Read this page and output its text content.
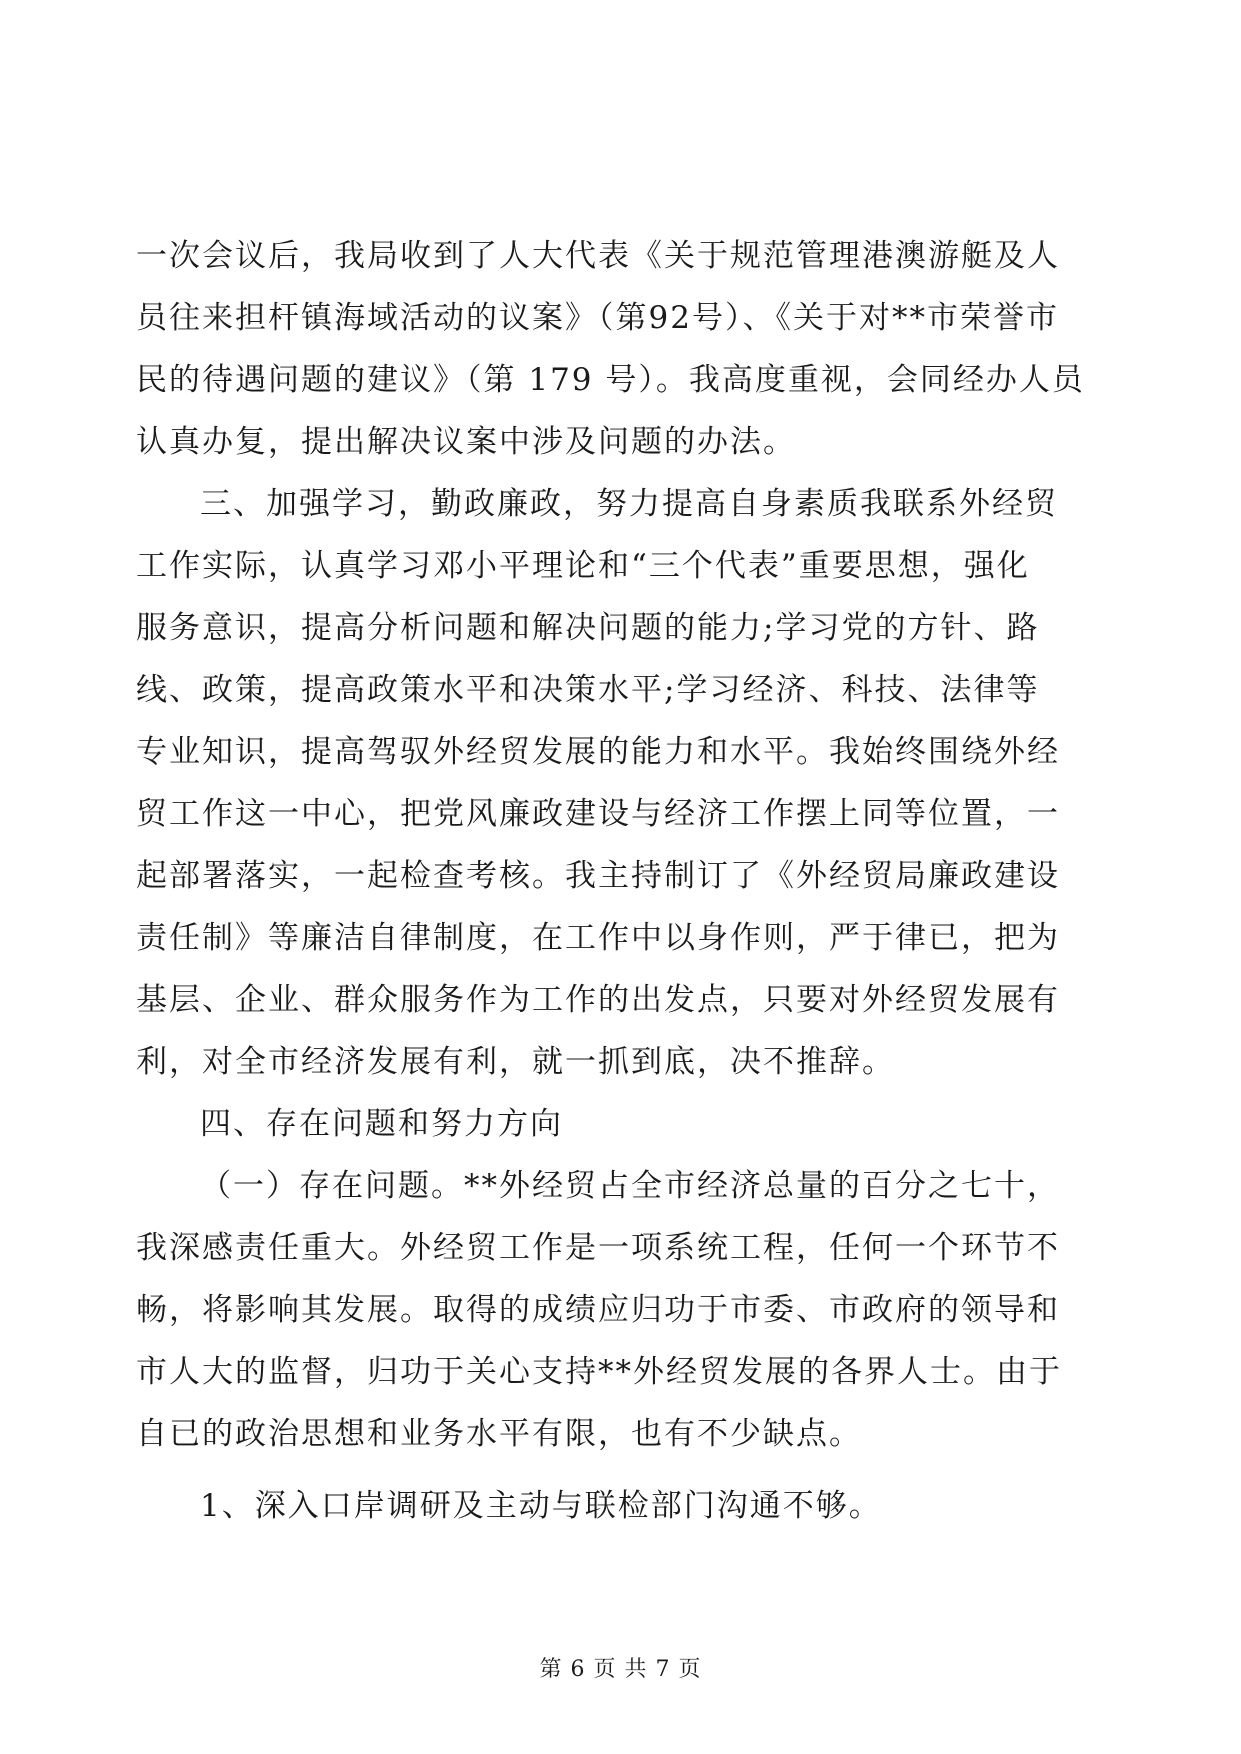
一次会议后，我局收到了人大代表《关于规范管理港澳游艇及人
员往来担杆镇海域活动的议案》（第92号）、《关于对**市荣誉市
民的待遇问题的建议》（第 179 号）。我高度重视，会同经办人员
认真办复，提出解决议案中涉及问题的办法。
三、加强学习，勤政廉政，努力提高自身素质我联系外经贸
工作实际，认真学习邓小平理论和“三个代表”重要思想，强化
服务意识，提高分析问题和解决问题的能力;学习党的方针、路
线、政策，提高政策水平和决策水平;学习经济、科技、法律等
专业知识，提高驾驭外经贸发展的能力和水平。我始终围绕外经
贸工作这一中心，把党风廉政建设与经济工作摆上同等位置，一
起部署落实，一起检查考核。我主持制订了《外经贸局廉政建设
责任制》等廉洁自律制度，在工作中以身作则，严于律已，把为
基层、企业、群众服务作为工作的出发点，只要对外经贸发展有
利，对全市经济发展有利，就一抓到底，决不推辞。
四、存在问题和努力方向
（一）存在问题。**外经贸占全市经济总量的百分之七十，
我深感责任重大。外经贸工作是一项系统工程，任何一个环节不
畅，将影响其发展。取得的成绩应归功于市委、市政府的领导和
市人大的监督，归功于关心支持**外经贸发展的各界人士。由于
自已的政治思想和业务水平有限，也有不少缺点。
1、深入口岸调研及主动与联检部门沟通不够。
第 6 页 共 7 页
